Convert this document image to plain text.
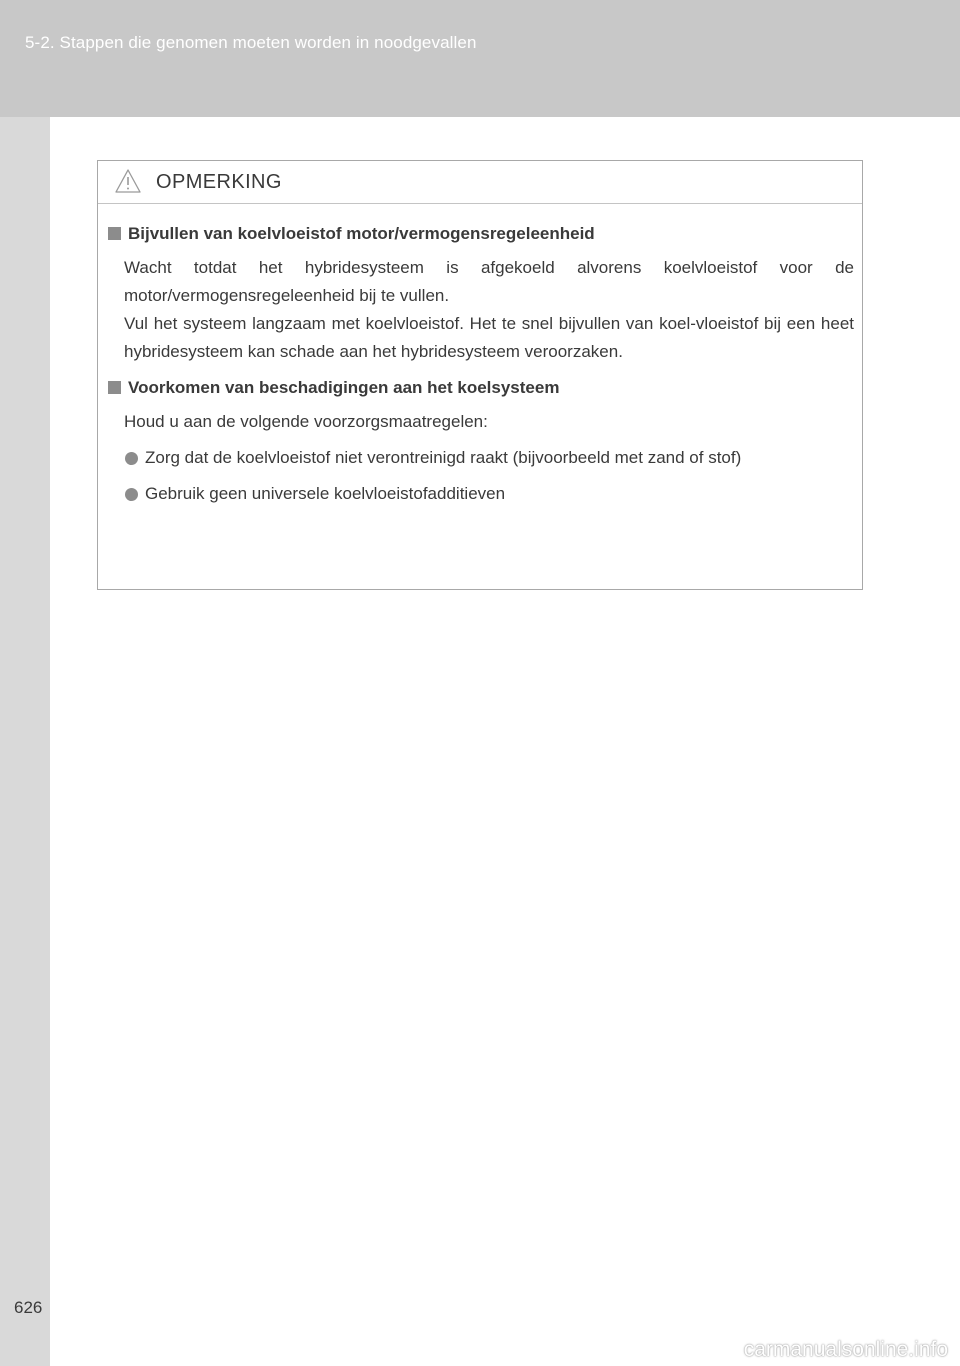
5-2. Stappen die genomen moeten worden in noodgevallen
OPMERKING
Bijvullen van koelvloeistof motor/vermogensregeleenheid
Wacht totdat het hybridesysteem is afgekoeld alvorens koelvloeistof voor de motor/vermogensregeleenheid bij te vullen.
Vul het systeem langzaam met koelvloeistof. Het te snel bijvullen van koel-vloeistof bij een heet hybridesysteem kan schade aan het hybridesysteem veroorzaken.
Voorkomen van beschadigingen aan het koelsysteem
Houd u aan de volgende voorzorgsmaatregelen:
Zorg dat de koelvloeistof niet verontreinigd raakt (bijvoorbeeld met zand of stof)
Gebruik geen universele koelvloeistofadditieven
626
carmanualsonline.info
